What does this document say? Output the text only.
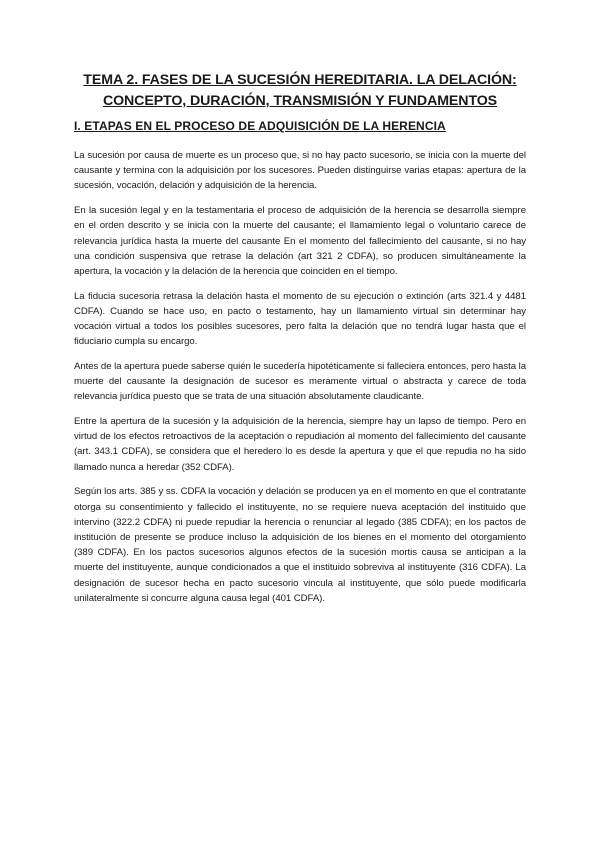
TEMA 2. FASES DE LA SUCESIÓN HEREDITARIA. LA DELACIÓN:
CONCEPTO, DURACIÓN, TRANSMISIÓN Y FUNDAMENTOS
I. ETAPAS EN EL PROCESO DE ADQUISICIÓN DE LA HERENCIA

La sucesión por causa de muerte es un proceso que, si no hay pacto sucesorio, se inicia con la muerte del causante y termina con la adquisición por los sucesores. Pueden distinguirse varias etapas: apertura de la sucesión, vocación, delación y adquisición de la herencia.

En la sucesión legal y en la testamentaria el proceso de adquisición de la herencia se desarrolla siempre en el orden descrito y se inicia con la muerte del causante; el llamamiento legal o voluntario carece de relevancia jurídica hasta la muerte del causante En el momento del fallecimiento del causante, si no hay una condición suspensiva que retrase la delación (art 321 2 CDFA), so producen simultáneamente la apertura, la vocación y la delación de la herencia que coinciden en el tiempo.

La fiducia sucesoria retrasa la delación hasta el momento de su ejecución o extinción (arts 321.4 y 4481 CDFA). Cuando se hace uso, en pacto o testamento, hay un llamamiento virtual sin determinar hay vocación virtual a todos los posibles sucesores, pero falta la delación que no tendrá lugar hasta que el fiduciario cumpla su encargo.

Antes de la apertura puede saberse quién le sucedería hipotéticamente si falleciera entonces, pero hasta la muerte del causante la designación de sucesor es meramente virtual o abstracta y carece de toda relevancia jurídica puesto que se trata de una situación absolutamente claudicante.

Entre la apertura de la sucesión y la adquisición de la herencia, siempre hay un lapso de tiempo. Pero en virtud de los efectos retroactivos de la aceptación o repudiación al momento del fallecimiento del causante (art. 343.1 CDFA), se considera que el heredero lo es desde la apertura y que el que repudia no ha sido llamado nunca a heredar (352 CDFA).

Según los arts. 385 y ss. CDFA la vocación y delación se producen ya en el momento en que el contratante otorga su consentimiento y fallecido el instituyente, no se requiere nueva aceptación del instituido que intervino (322.2 CDFA) ni puede repudiar la herencia o renunciar al legado (385 CDFA); en los pactos de institución de presente se produce incluso la adquisición de los bienes en el momento del otorgamiento (389 CDFA). En los pactos sucesorios algunos efectos de la sucesión mortis causa se anticipan a la muerte del instituyente, aunque condicionados a que el instituido sobreviva al instituyente (316 CDFA). La designación de sucesor hecha en pacto sucesorio vincula al instituyente, que sólo puede modificarla unilateralmente si concurre alguna causa legal (401 CDFA).
